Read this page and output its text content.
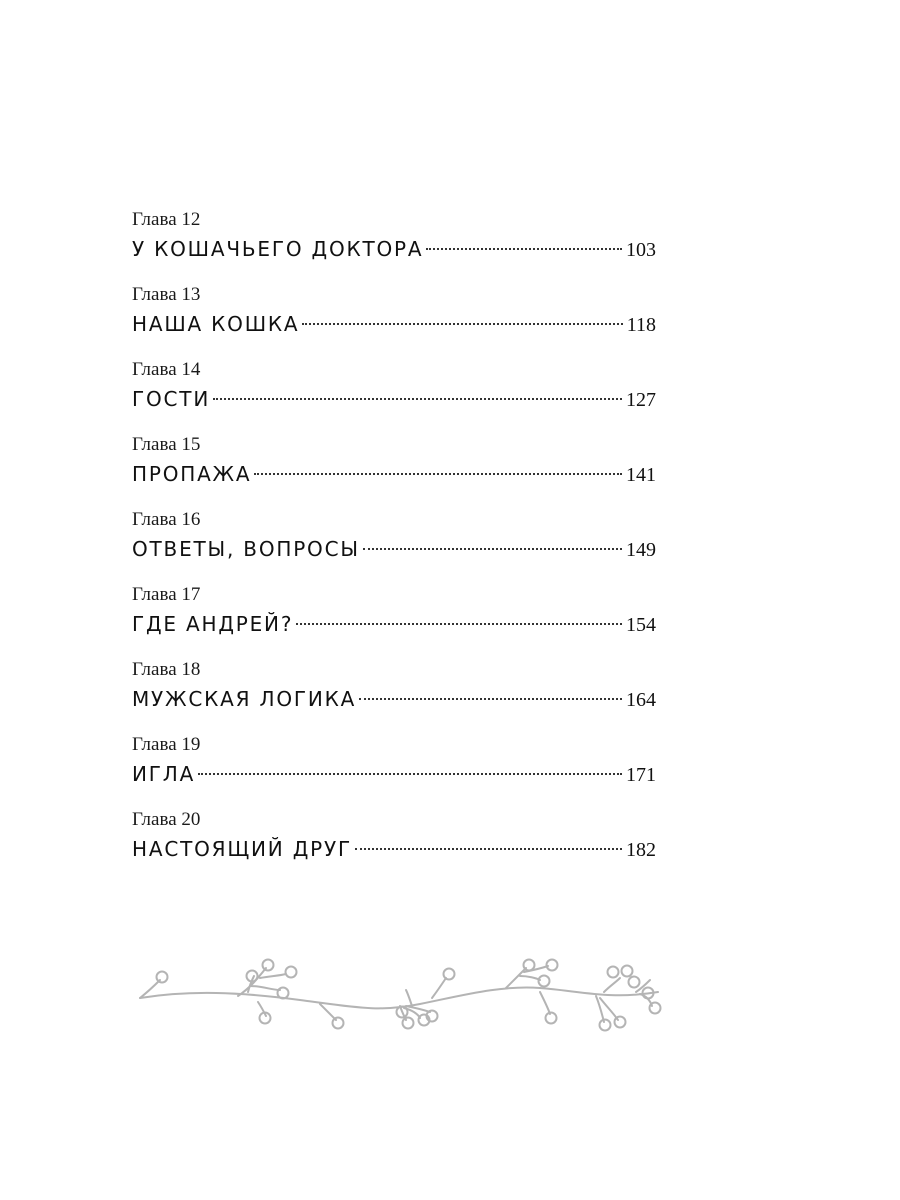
Глава 12
У КОШАЧЬЕГО ДОКТОРА	103
Глава 13
НАША КОШКА	118
Глава 14
ГОСТИ	127
Глава 15
ПРОПАЖА	141
Глава 16
ОТВЕТЫ, ВОПРОСЫ	149
Глава 17
ГДЕ АНДРЕЙ?	154
Глава 18
МУЖСКАЯ ЛОГИКА	164
Глава 19
ИГЛА	171
Глава 20
НАСТОЯЩИЙ ДРУГ	182
